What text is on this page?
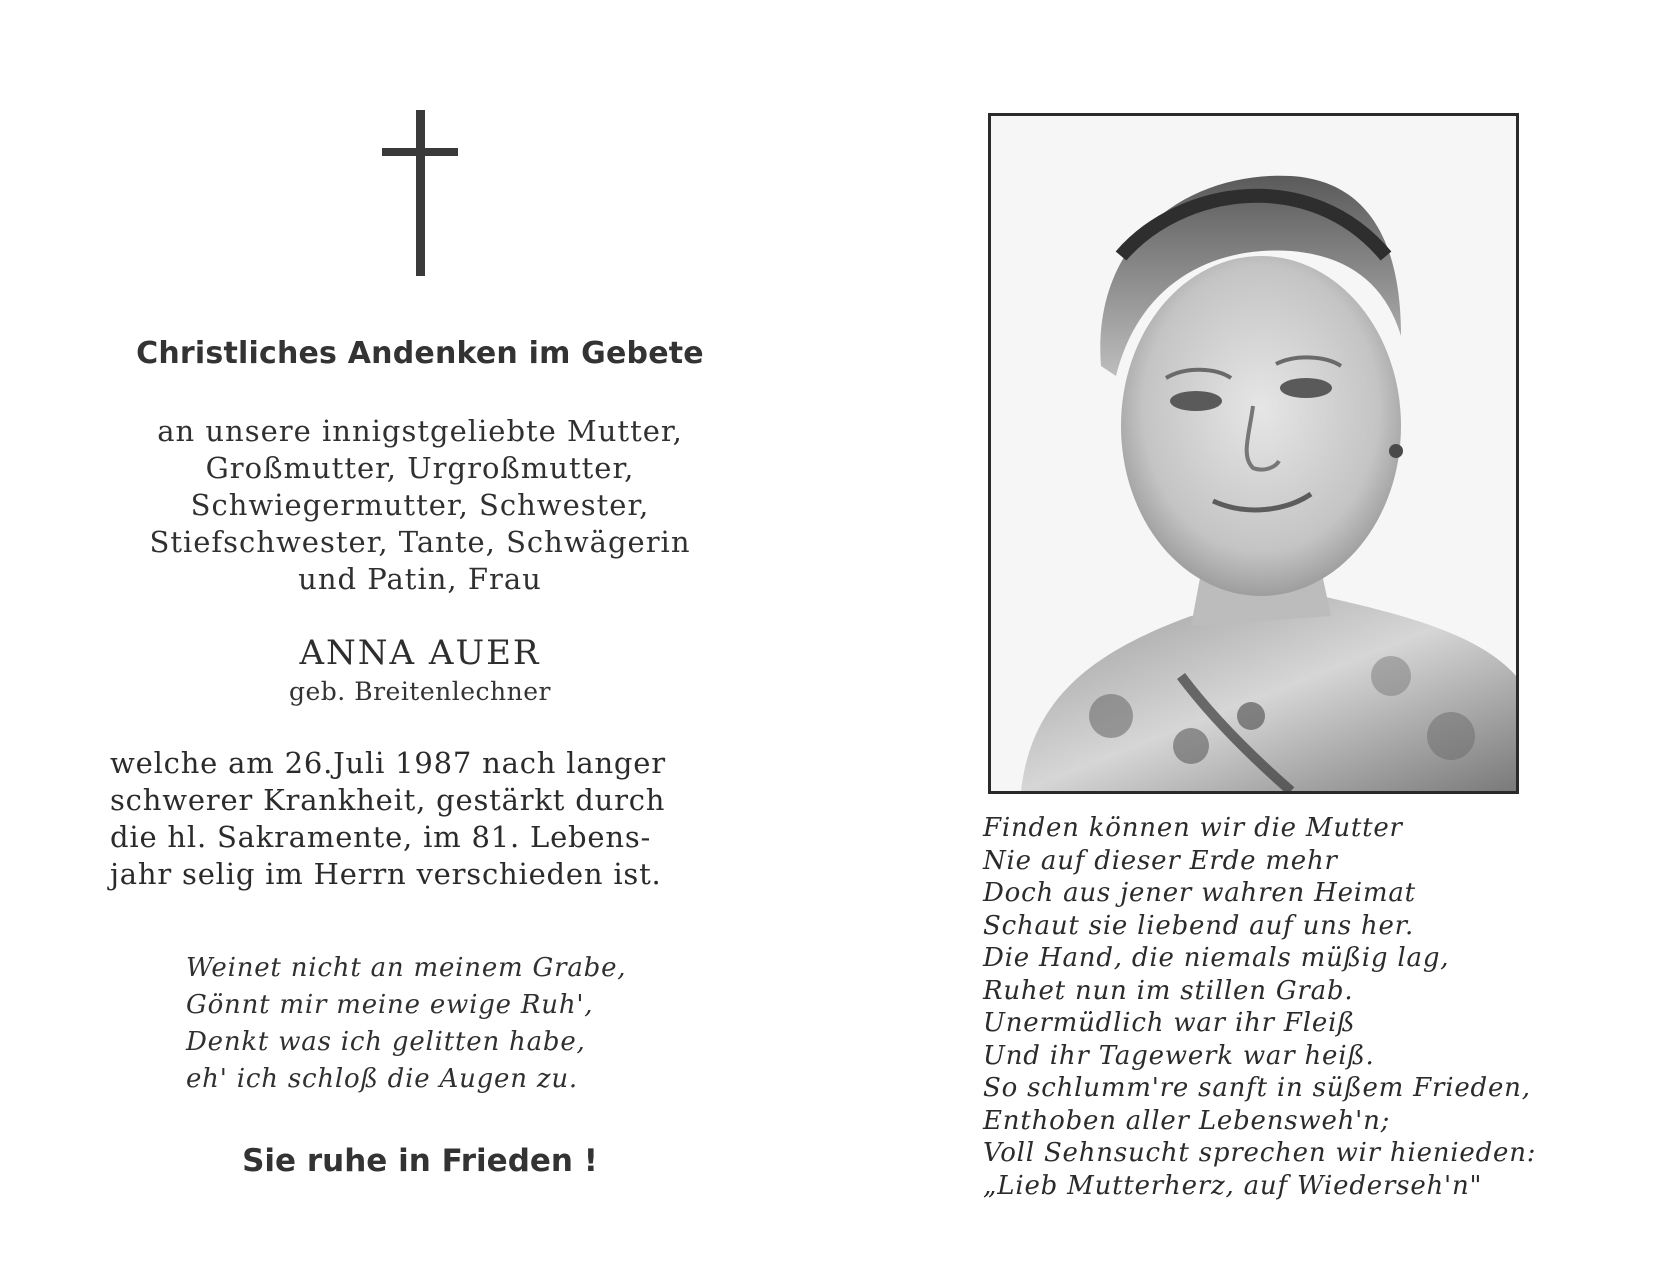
Christliches Andenken im Gebete
an unsere innigstgeliebte Mutter,
Großmutter, Urgroßmutter,
Schwiegermutter, Schwester,
Stiefschwester, Tante, Schwägerin
und Patin, Frau
ANNA AUER
geb. Breitenlechner
welche am 26.Juli 1987 nach langer
schwerer Krankheit, gestärkt durch
die hl. Sakramente, im 81. Lebens-
jahr selig im Herrn verschieden ist.
Weinet nicht an meinem Grabe,
Gönnt mir meine ewige Ruh',
Denkt was ich gelitten habe,
eh' ich schloß die Augen zu.
Sie ruhe in Frieden !
Finden können wir die Mutter
Nie auf dieser Erde mehr
Doch aus jener wahren Heimat
Schaut sie liebend auf uns her.
Die Hand, die niemals müßig lag,
Ruhet nun im stillen Grab.
Unermüdlich war ihr Fleiß
Und ihr Tagewerk war heiß.
So schlumm're sanft in süßem Frieden,
Enthoben aller Lebensweh'n;
Voll Sehnsucht sprechen wir hienieden:
„Lieb Mutterherz, auf Wiederseh'n"
